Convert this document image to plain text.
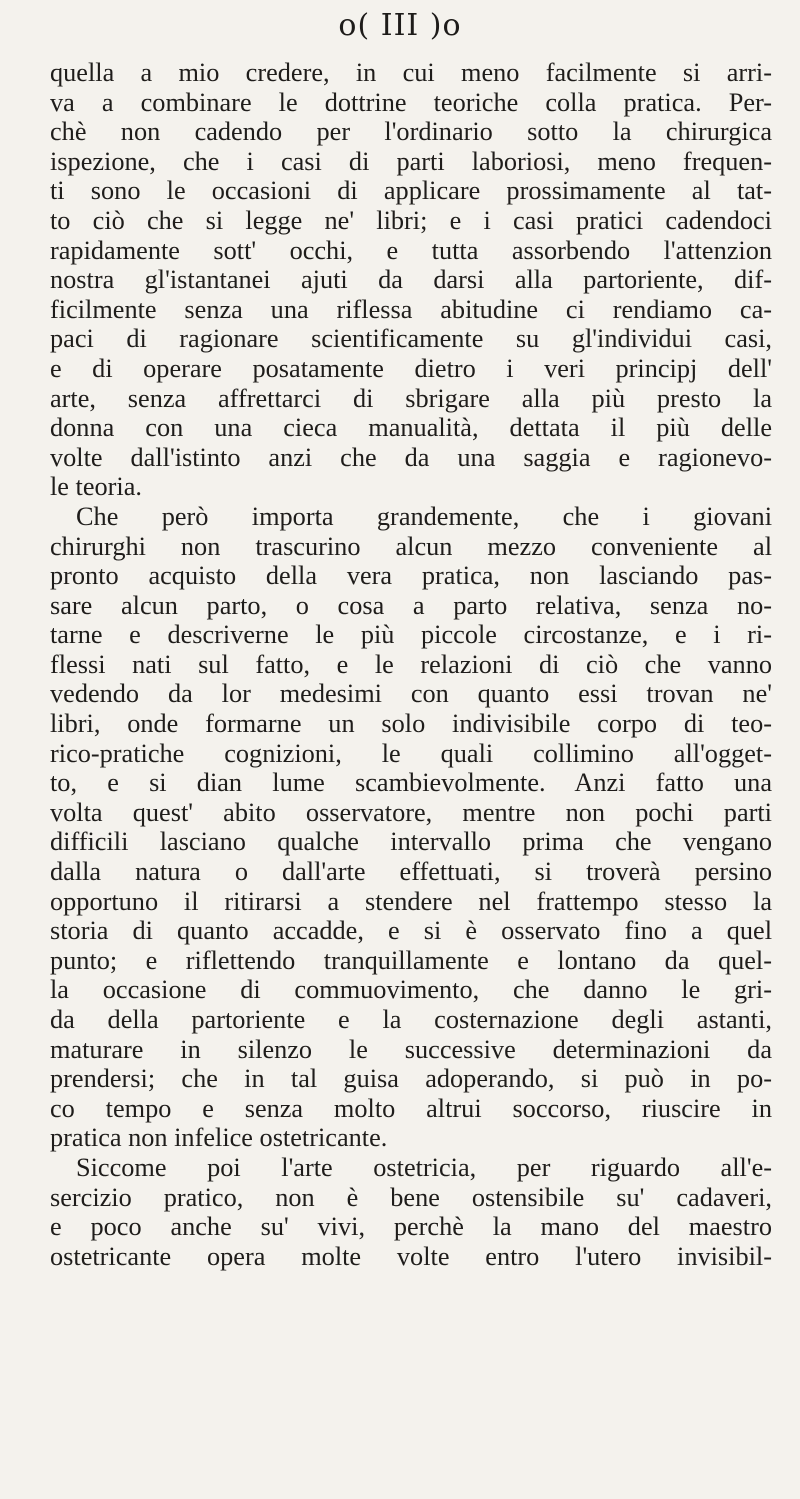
o( III )o
quella a mio credere, in cui meno facilmente si arri-
va a combinare le dottrine teoriche colla pratica. Per-
chè non cadendo per l'ordinario sotto la chirurgica
ispezione, che i casi di parti laboriosi, meno frequen-
ti sono le occasioni di applicare prossimamente al tat-
to ciò che si legge ne' libri; e i casi pratici cadendoci
rapidamente sott' occhi, e tutta assorbendo l'attenzion
nostra gl'istantanei ajuti da darsi alla partoriente, dif-
ficilmente senza una riflessa abitudine ci rendiamo ca-
paci di ragionare scientificamente su gl'individui casi,
e di operare posatamente dietro i veri principj dell'
arte, senza affrettarci di sbrigare alla più presto la
donna con una cieca manualità, dettata il più delle
volte dall'istinto anzi che da una saggia e ragionevo-
le teoria.
Che però importa grandemente, che i giovani
chirurghi non trascurino alcun mezzo conveniente al
pronto acquisto della vera pratica, non lasciando pas-
sare alcun parto, o cosa a parto relativa, senza no-
tarne e descriverne le più piccole circostanze, e i ri-
flessi nati sul fatto, e le relazioni di ciò che vanno
vedendo da lor medesimi con quanto essi trovan ne'
libri, onde formarne un solo indivisibile corpo di teo-
rico-pratiche cognizioni, le quali collimino all'ogget-
to, e si dian lume scambievolmente. Anzi fatto una
volta quest' abito osservatore, mentre non pochi parti
difficili lasciano qualche intervallo prima che vengano
dalla natura o dall'arte effettuati, si troverà persino
opportuno il ritirarsi a stendere nel frattempo stesso la
storia di quanto accadde, e si è osservato fino a quel
punto; e riflettendo tranquillamente e lontano da quel-
la occasione di commuovimento, che danno le gri-
da della partoriente e la costernazione degli astanti,
maturare in silenzo le successive determinazioni da
prendersi; che in tal guisa adoperando, si può in po-
co tempo e senza molto altrui soccorso, riuscire in
pratica non infelice ostetricante.
Siccome poi l'arte ostetricia, per riguardo all'e-
sercizio pratico, non è bene ostensibile su' cadaveri,
e poco anche su' vivi, perchè la mano del maestro
ostetricante opera molte volte entro l'utero invisibil-
